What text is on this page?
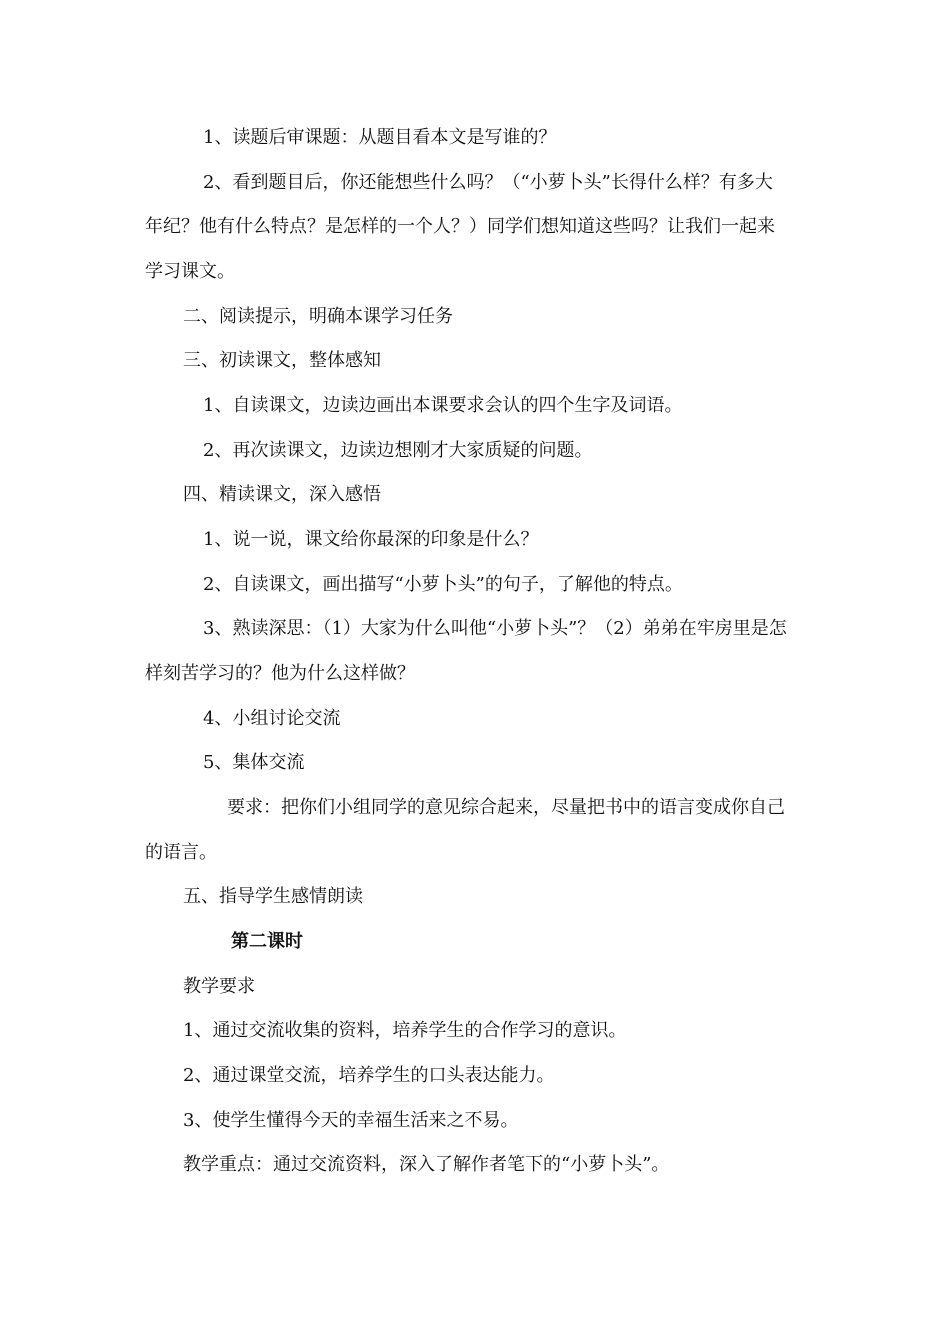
1、读题后审课题：从题目看本文是写谁的？
2、看到题目后，你还能想些什么吗？（“小萝卜头”长得什么样？有多大
年纪？他有什么特点？是怎样的一个人？）同学们想知道这些吗？让我们一起来
学习课文。
二、阅读提示，明确本课学习任务
三、初读课文，整体感知
1、自读课文，边读边画出本课要求会认的四个生字及词语。
2、再次读课文，边读边想刚才大家质疑的问题。
四、精读课文，深入感悟
1、说一说，课文给你最深的印象是什么？
2、自读课文，画出描写“小萝卜头”的句子，了解他的特点。
3、熟读深思：（1）大家为什么叫他“小萝卜头”？（2）弟弟在牢房里是怎
样刻苦学习的？他为什么这样做？
4、小组讨论交流
5、集体交流
要求：把你们小组同学的意见综合起来，尽量把书中的语言变成你自己
的语言。
五、指导学生感情朗读
第二课时
教学要求
1、通过交流收集的资料，培养学生的合作学习的意识。
2、通过课堂交流，培养学生的口头表达能力。
3、使学生懂得今天的幸福生活来之不易。
教学重点：通过交流资料，深入了解作者笔下的“小萝卜头”。
